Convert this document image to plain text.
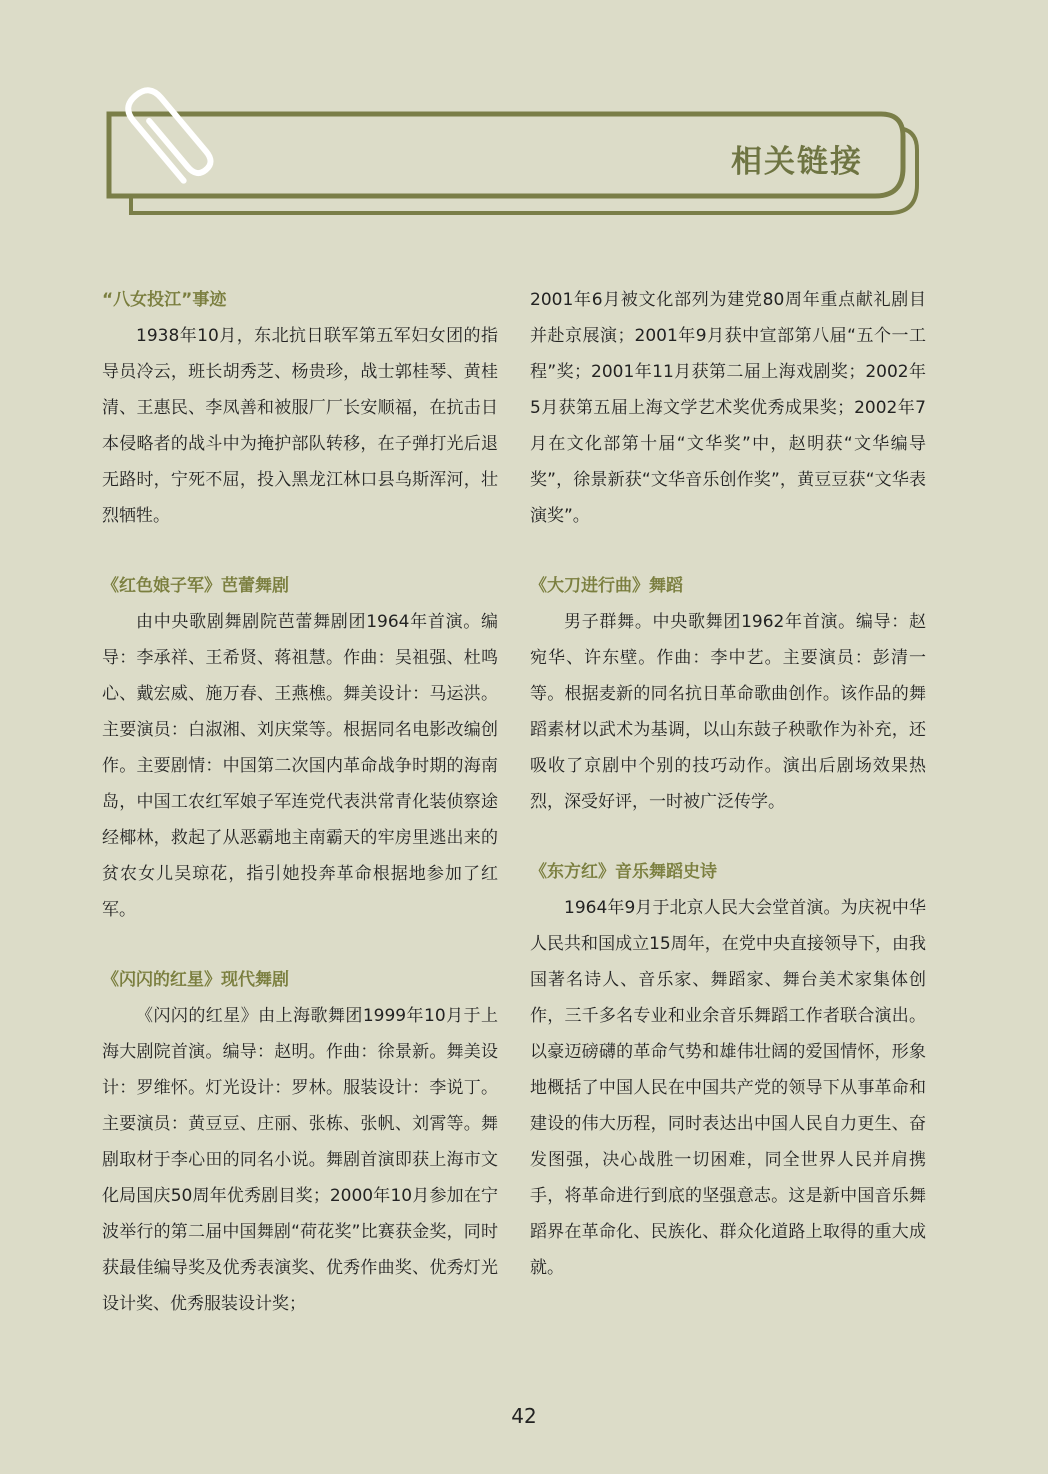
相关链接
“八女投江”事迹

1938年10月，东北抗日联军第五军妇女团的指导员冷云，班长胡秀芝、杨贵珍，战士郭桂琴、黄桂清、王惠民、李凤善和被服厂厂长安顺福，在抗击日本侵略者的战斗中为掩护部队转移，在子弹打光后退无路时，宁死不屈，投入黑龙江林口县乌斯浑河，壮烈牺牲。

《红色娘子军》芭蕾舞剧

由中央歌剧舞剧院芭蕾舞剧团1964年首演。编导：李承祥、王希贤、蒋祖慧。作曲：吴祖强、杜鸣心、戴宏威、施万春、王燕樵。舞美设计：马运洪。主要演员：白淑湘、刘庆棠等。根据同名电影改编创作。主要剧情：中国第二次国内革命战争时期的海南岛，中国工农红军娘子军连党代表洪常青化装侦察途经椰林，救起了从恶霸地主南霸天的牢房里逃出来的贫农女儿吴琼花，指引她投奔革命根据地参加了红军。

《闪闪的红星》现代舞剧

《闪闪的红星》由上海歌舞团1999年10月于上海大剧院首演。编导：赵明。作曲：徐景新。舞美设计：罗维怀。灯光设计：罗林。服装设计：李说丁。主要演员：黄豆豆、庄丽、张栋、张帆、刘霄等。舞剧取材于李心田的同名小说。舞剧首演即获上海市文化局国庆50周年优秀剧目奖；2000年10月参加在宁波举行的第二届中国舞剧“荷花奖”比赛获金奖，同时获最佳编导奖及优秀表演奖、优秀作曲奖、优秀灯光设计奖、优秀服装设计奖；

2001年6月被文化部列为建党80周年重点献礼剧目并赴京展演；2001年9月获中宣部第八届“五个一工程”奖；2001年11月获第二届上海戏剧奖；2002年5月获第五届上海文学艺术奖优秀成果奖；2002年7月在文化部第十届“文华奖”中，赵明获“文华编导奖”，徐景新获“文华音乐创作奖”，黄豆豆获“文华表演奖”。

《大刀进行曲》舞蹈

男子群舞。中央歌舞团1962年首演。编导：赵宛华、许东壁。作曲：李中艺。主要演员：彭清一等。根据麦新的同名抗日革命歌曲创作。该作品的舞蹈素材以武术为基调，以山东鼓子秧歌作为补充，还吸收了京剧中个别的技巧动作。演出后剧场效果热烈，深受好评，一时被广泛传学。

《东方红》音乐舞蹈史诗

1964年9月于北京人民大会堂首演。为庆祝中华人民共和国成立15周年，在党中央直接领导下，由我国著名诗人、音乐家、舞蹈家、舞台美术家集体创作，三千多名专业和业余音乐舞蹈工作者联合演出。以豪迈磅礴的革命气势和雄伟壮阔的爱国情怀，形象地概括了中国人民在中国共产党的领导下从事革命和建设的伟大历程，同时表达出中国人民自力更生、奋发图强，决心战胜一切困难，同全世界人民并肩携手，将革命进行到底的坚强意志。这是新中国音乐舞蹈界在革命化、民族化、群众化道路上取得的重大成就。

42
